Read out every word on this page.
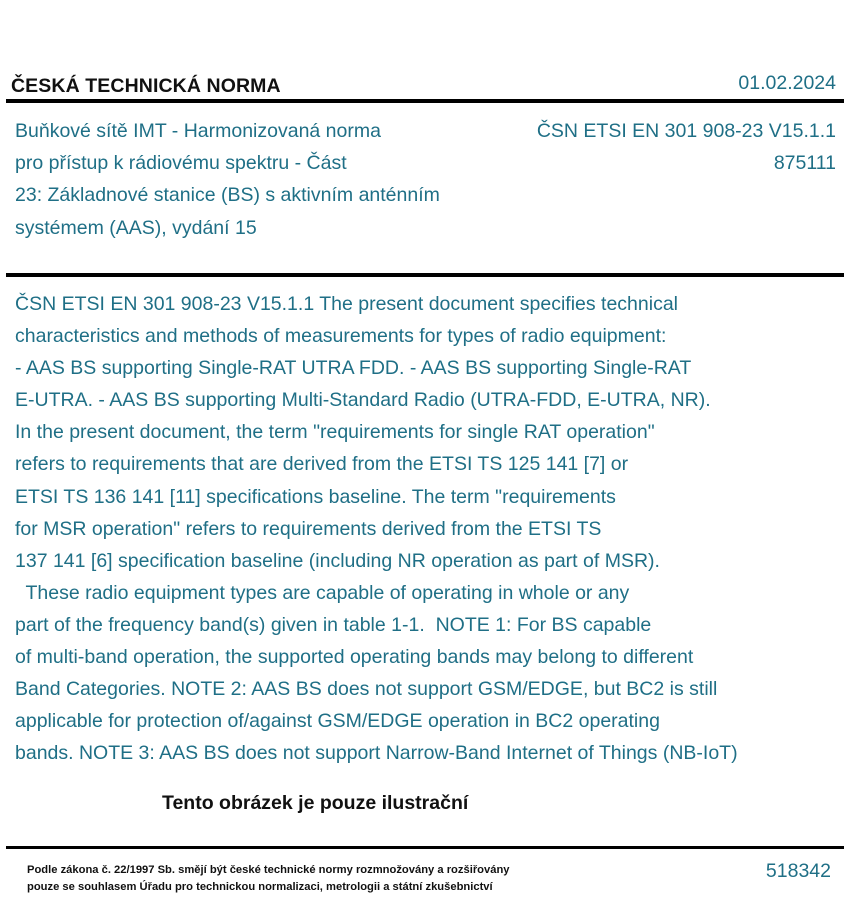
ČESKÁ TECHNICKÁ NORMA	01.02.2024
Buňkové sítě IMT - Harmonizovaná norma
pro přístup k rádiovému spektru - Část
23: Základnové stanice (BS) s aktivním anténním
systémem (AAS), vydání 15
ČSN ETSI EN 301 908-23 V15.1.1
875111
ČSN ETSI EN 301 908-23 V15.1.1 The present document specifies technical
characteristics and methods of measurements for types of radio equipment:
- AAS BS supporting Single-RAT UTRA FDD. - AAS BS supporting Single-RAT
E-UTRA. - AAS BS supporting Multi-Standard Radio (UTRA-FDD, E-UTRA, NR).
In the present document, the term "requirements for single RAT operation"
refers to requirements that are derived from the ETSI TS 125 141 [7] or
ETSI TS 136 141 [11] specifications baseline. The term "requirements
for MSR operation" refers to requirements derived from the ETSI TS
137 141 [6] specification baseline (including NR operation as part of MSR).
These radio equipment types are capable of operating in whole or any
part of the frequency band(s) given in table 1-1.  NOTE 1: For BS capable
of multi-band operation, the supported operating bands may belong to different
Band Categories. NOTE 2: AAS BS does not support GSM/EDGE, but BC2 is still
applicable for protection of/against GSM/EDGE operation in BC2 operating
bands. NOTE 3: AAS BS does not support Narrow-Band Internet of Things (NB-IoT)
Tento obrázek je pouze ilustrační
Podle zákona č. 22/1997 Sb. smějí být české technické normy rozmnožovány a rozšiřovány
pouze se souhlasem Úřadu pro technickou normalizaci, metrologii a státní zkušebnictví
518342
